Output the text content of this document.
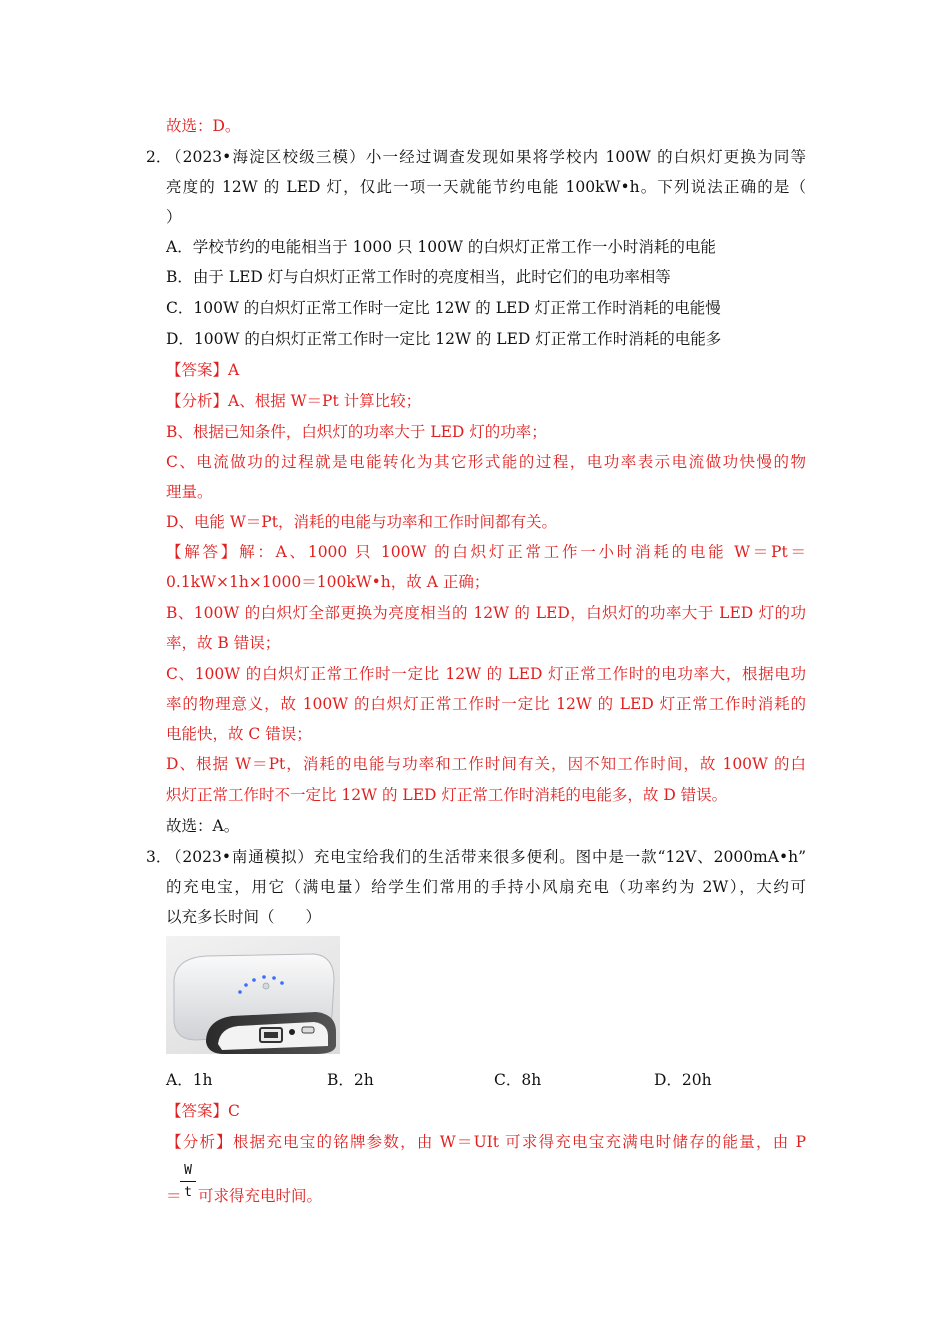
故选：D。
2．
（2023•海淀区校级三模）小一经过调查发现如果将学校内 100W 的白炽灯更换为同等
亮度的 12W 的 LED 灯，仅此一项一天就能节约电能 100kW•h。下列说法正确的是（
）
A．学校节约的电能相当于 1000 只 100W 的白炽灯正常工作一小时消耗的电能
B．由于 LED 灯与白炽灯正常工作时的亮度相当，此时它们的电功率相等
C．100W 的白炽灯正常工作时一定比 12W 的 LED 灯正常工作时消耗的电能慢
D．100W 的白炽灯正常工作时一定比 12W 的 LED 灯正常工作时消耗的电能多
【答案】A
【分析】A、根据 W＝Pt 计算比较；
B、根据已知条件，白炽灯的功率大于 LED 灯的功率；
C、电流做功的过程就是电能转化为其它形式能的过程，电功率表示电流做功快慢的物
理量。
D、电能 W＝Pt，消耗的电能与功率和工作时间都有关。
【解答】解：A、1000 只 100W 的白炽灯正常工作一小时消耗的电能 W＝Pt＝
0.1kW×1h×1000＝100kW•h，故 A 正确；
B、100W 的白炽灯全部更换为亮度相当的 12W 的 LED，白炽灯的功率大于 LED 灯的功
率，故 B 错误；
C、100W 的白炽灯正常工作时一定比 12W 的 LED 灯正常工作时的电功率大，根据电功
率的物理意义，故 100W 的白炽灯正常工作时一定比 12W 的 LED 灯正常工作时消耗的
电能快，故 C 错误；
D、根据 W＝Pt，消耗的电能与功率和工作时间有关，因不知工作时间，故 100W 的白
炽灯正常工作时不一定比 12W 的 LED 灯正常工作时消耗的电能多，故 D 错误。
故选：A。
3．
（2023•南通模拟）充电宝给我们的生活带来很多便利。图中是一款“12V、2000mA•h”
的充电宝，用它（满电量）给学生们常用的手持小风扇充电（功率约为 2W），大约可
以充多长时间（　　）
A．1h	B．2h	C．8h	D．20h
【答案】C
【分析】根据充电宝的铭牌参数，由 W＝UIt 可求得充电宝充满电时储存的能量，由 P
W
t
＝ 可求得充电时间。
